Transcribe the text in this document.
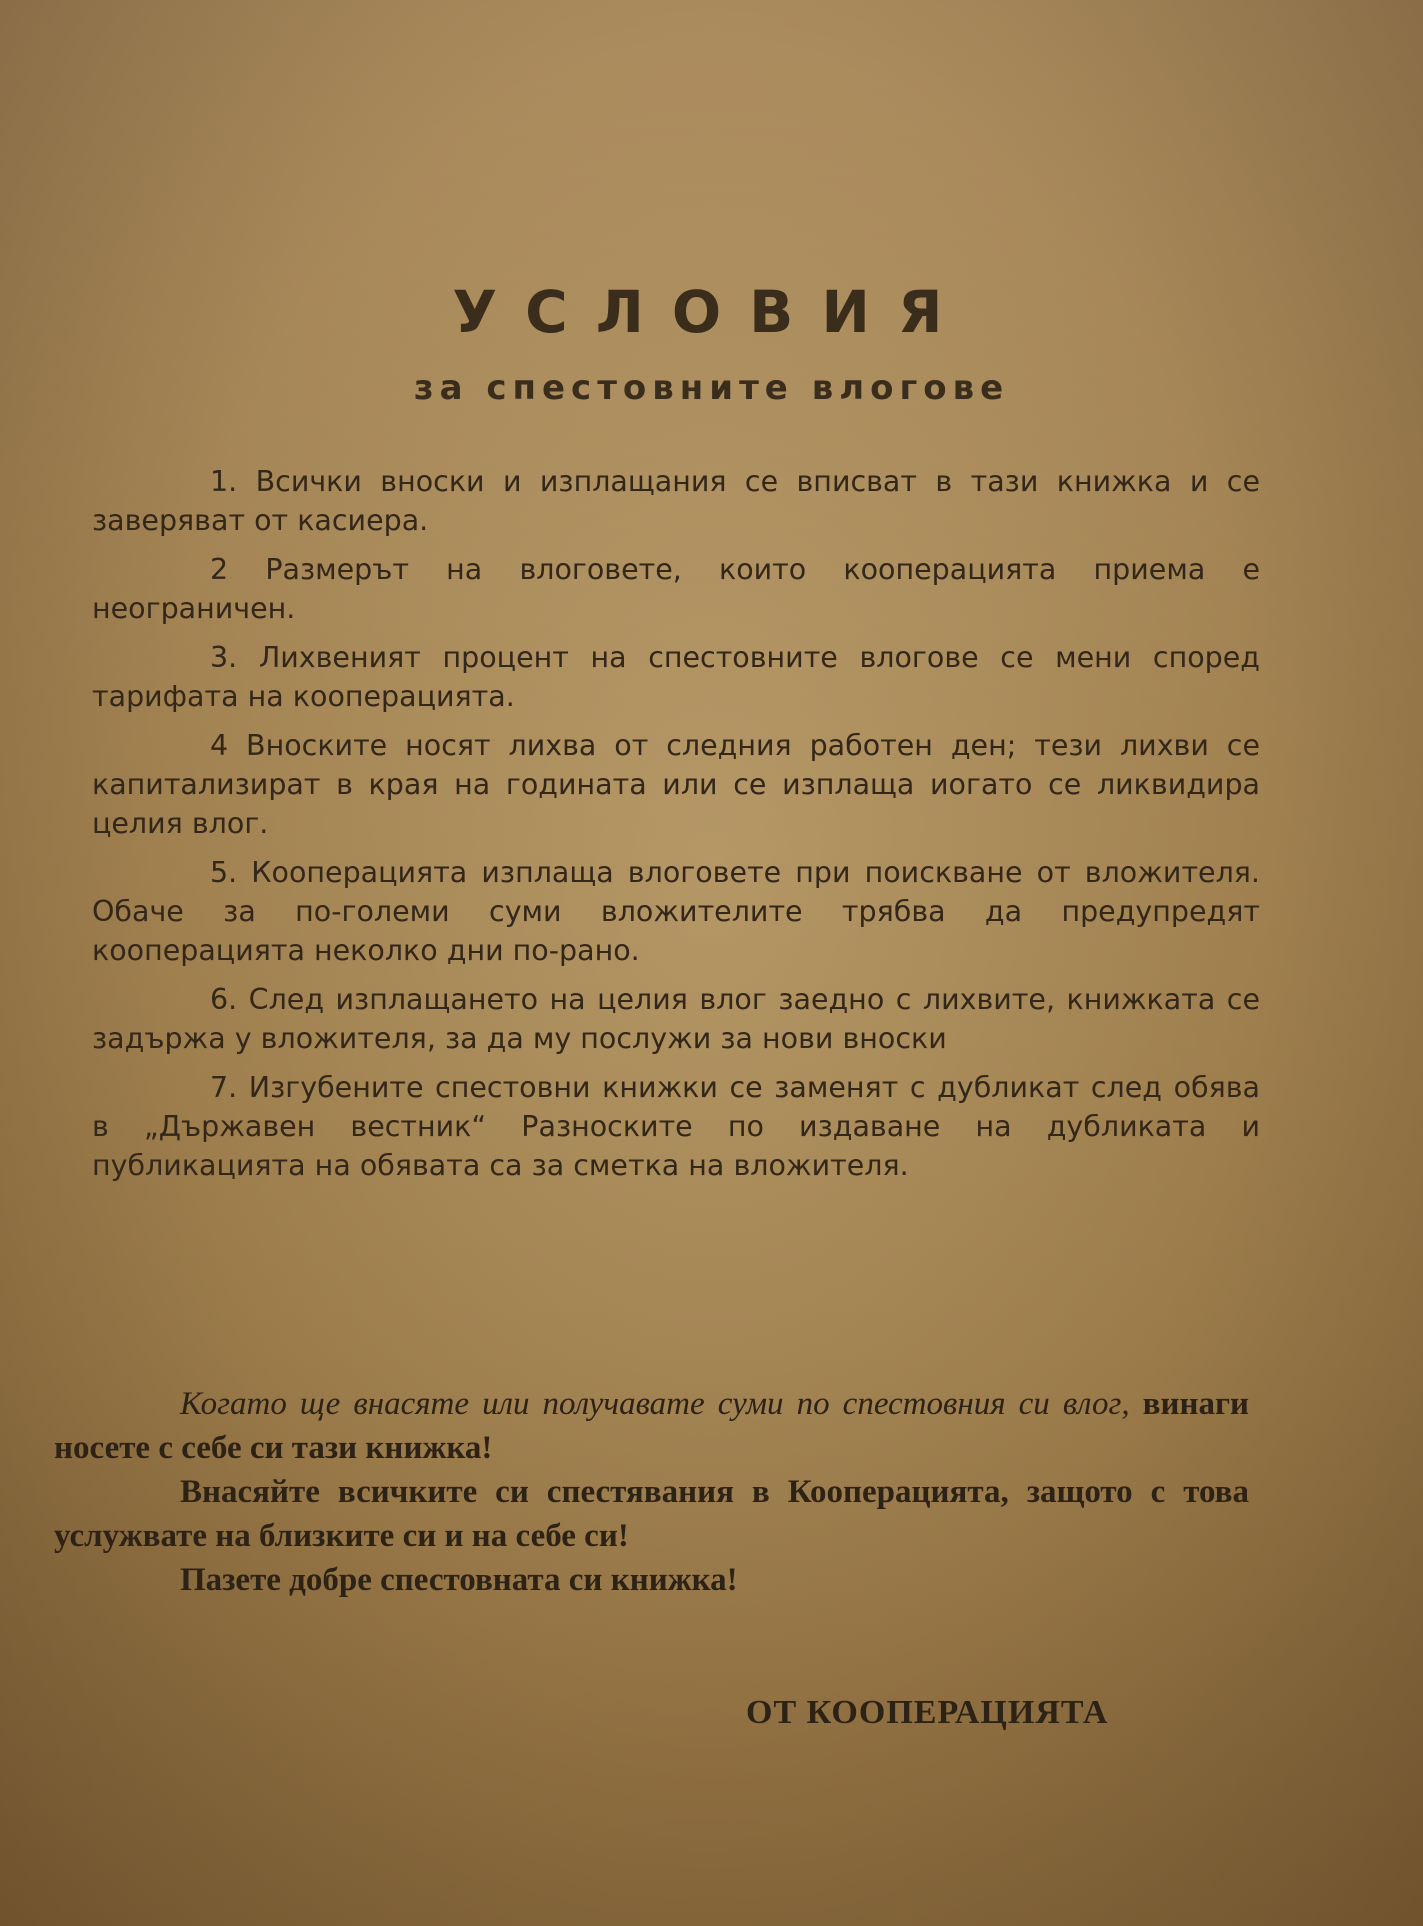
УСЛОВИЯ
за спестовните влогове

1. Всички вноски и изплащания се вписват в тази книжка и се заверяват от касиера.

2 Размерът на влоговете, които кооперацията приема е неограничен.

3. Лихвеният процент на спестовните влогове се мени според тарифата на кооперацията.

4 Вноските носят лихва от следния работен ден; тези лихви се капитализират в края на годината или се изплаща иогато се ликвидира целия влог.

5. Кооперацията изплаща влоговете при поискване от вложителя. Обаче за по-големи суми вложителите трябва да предупредят кооперацията неколко дни по-рано.

6. След изплащането на целия влог заедно с лихвите, книжката се задържа у вложителя, за да му послужи за нови вноски

7. Изгубените спестовни книжки се заменят с дубликат след обява в „Държавен вестник“ Разноските по издаване на дубликата и публикацията на обявата са за сметка на вложителя.

Когато ще внасяте или получавате суми по спестовния си влог, винаги носете с себе си тази книжка!

Внасяйте всичките си спестявания в Кооперацията, защото с това услужвате на близките си и на себе си!

Пазете добре спестовната си книжка!

ОТ КООПЕРАЦИЯТА
